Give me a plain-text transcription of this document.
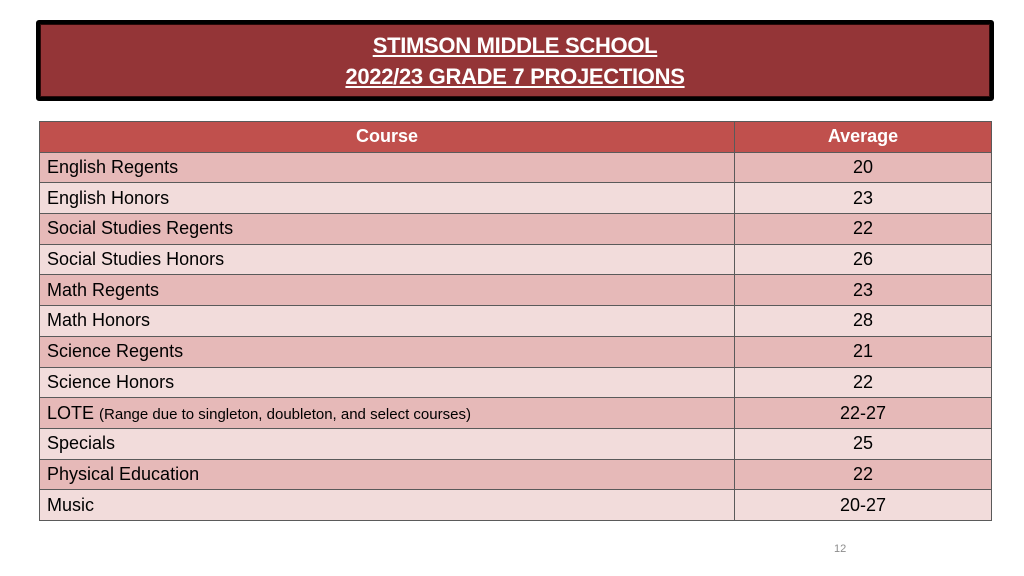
STIMSON MIDDLE SCHOOL
2022/23 GRADE 7 PROJECTIONS
Course	Average
English Regents	20
English Honors	23
Social Studies Regents	22
Social Studies Honors	26
Math Regents	23
Math Honors	28
Science Regents	21
Science Honors	22
LOTE (Range due to singleton, doubleton, and select courses)	22-27
Specials	25
Physical Education	22
Music	20-27
12
